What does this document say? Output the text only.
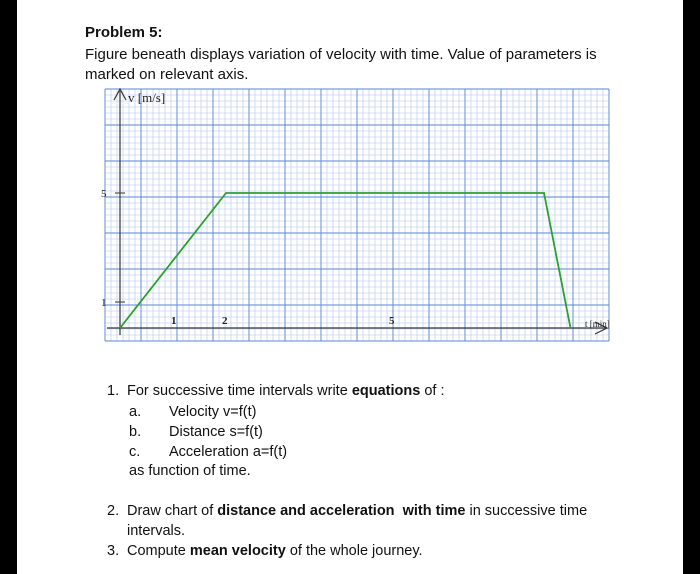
Problem 5:
Figure beneath displays variation of velocity with time. Value of parameters is marked on relevant axis.
v [m/s]
t [min]
5
1
1	2	5
1. For successive time intervals write equations of :
a. Velocity v=f(t)
b. Distance s=f(t)
c. Acceleration a=f(t)
as function of time.
2. Draw chart of distance and acceleration with time in successive time
intervals.
3. Compute mean velocity of the whole journey.
